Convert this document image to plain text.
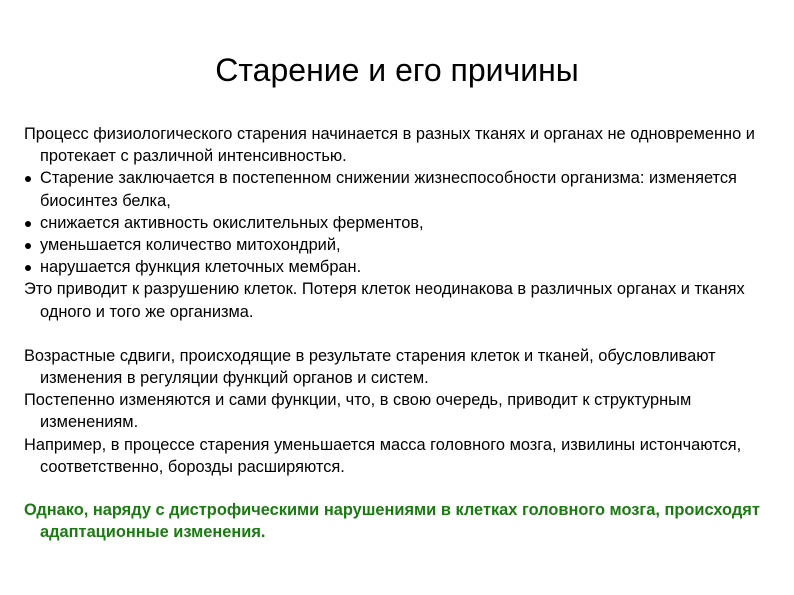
Старение и его причины

Процесс физиологического старения начинается в разных тканях и органах не одновременно и протекает с различной интенсивностью.

Старение заключается в постепенном снижении жизнеспособности организма: изменяется биосинтез белка,
снижается активность окислительных ферментов,
уменьшается количество митохондрий,
нарушается функция клеточных мембран.

Это приводит к разрушению клеток. Потеря клеток неодинакова в различных органах и тканях одного и того же организма.

Возрастные сдвиги, происходящие в результате старения клеток и тканей, обусловливают изменения в регуляции функций органов и систем.

Постепенно изменяются и сами функции, что, в свою очередь, приводит к структурным изменениям.

Например, в процессе старения уменьшается масса головного мозга, извилины истончаются, соответственно, борозды расширяются.

Однако, наряду с дистрофическими нарушениями в клетках головного мозга, происходят адаптационные изменения.
